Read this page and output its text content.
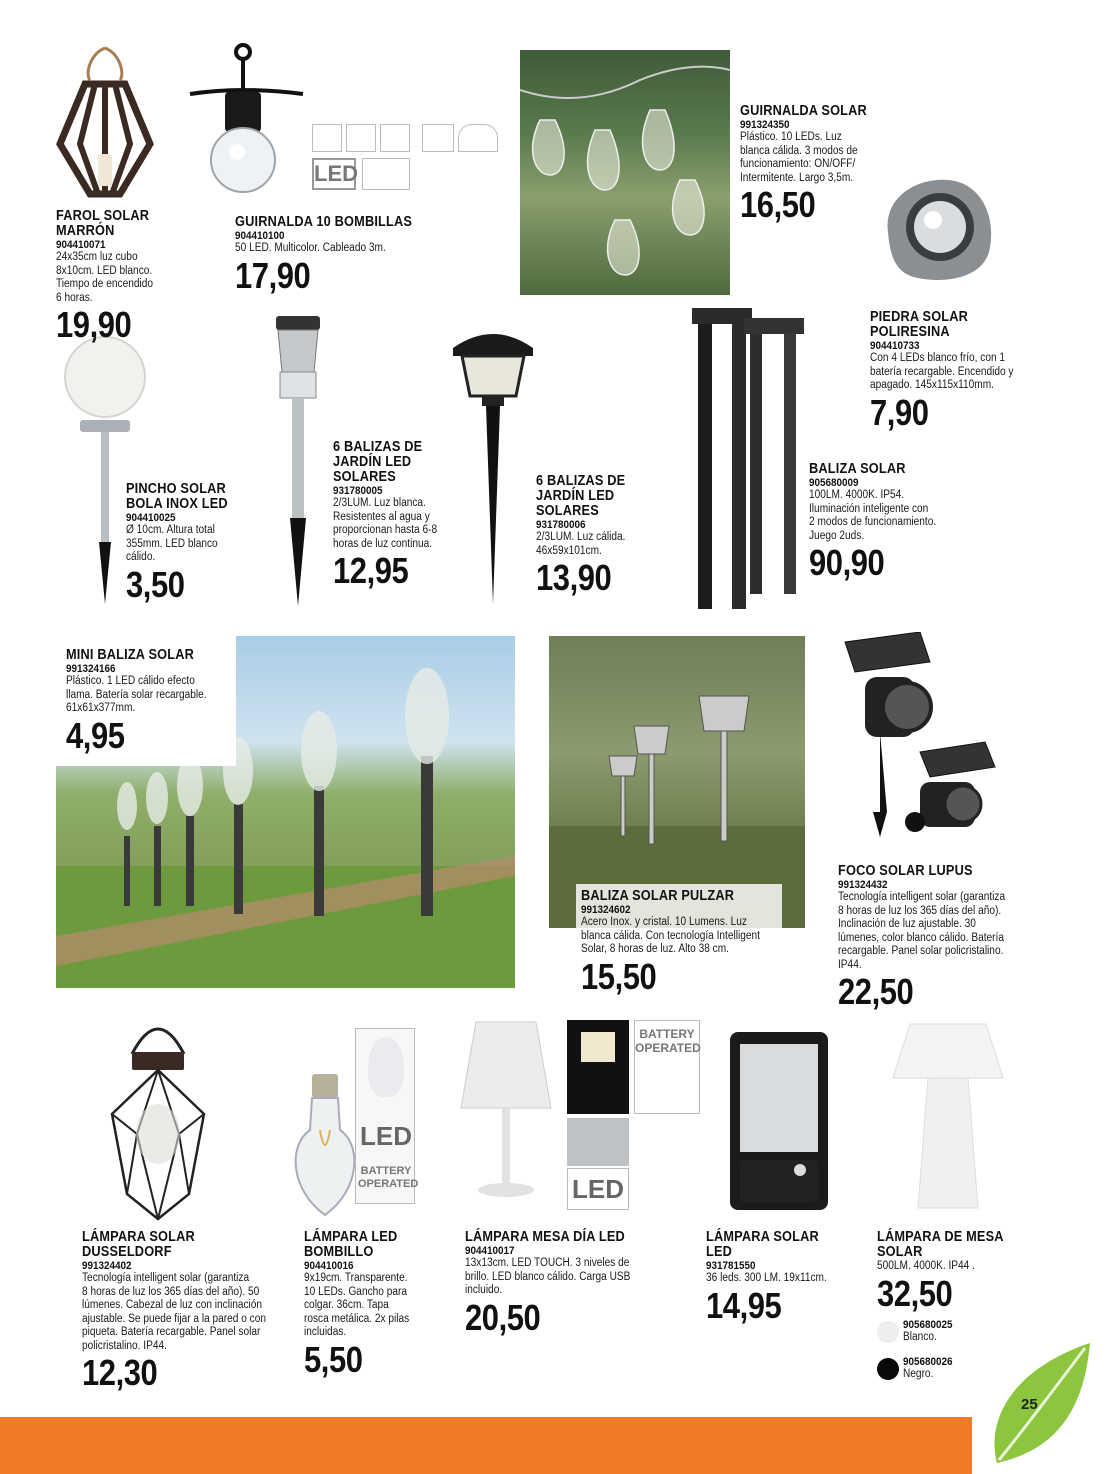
LED
LED
BATTERY
OPERATED
BATTERY
OPERATED
LED
FAROL SOLAR
MARRÓN
904410071
24x35cm luz cubo
8x10cm. LED blanco.
Tiempo de encendido
6 horas.
19,90
GUIRNALDA 10 BOMBILLAS
904410100
50 LED. Multicolor. Cableado 3m.
17,90
GUIRNALDA SOLAR
991324350
Plástico. 10 LEDs. Luz
blanca cálida. 3 modos de
funcionamiento: ON/OFF/
Intermitente. Largo 3,5m.
16,50
PIEDRA SOLAR
POLIRESINA
904410733
Con 4 LEDs blanco frío, con 1
batería recargable. Encendido y
apagado. 145x115x110mm.
7,90
PINCHO SOLAR
BOLA INOX LED
904410025
Ø 10cm. Altura total
355mm. LED blanco
cálido.
3,50
6 BALIZAS DE
JARDÍN LED
SOLARES
931780005
2/3LUM. Luz blanca.
Resistentes al agua y
proporcionan hasta 6-8
horas de luz continua.
12,95
6 BALIZAS DE
JARDÍN LED
SOLARES
931780006
2/3LUM. Luz cálida.
46x59x101cm.
13,90
BALIZA SOLAR
905680009
100LM. 4000K. IP54.
Iluminación inteligente con
2 modos de funcionamiento.
Juego 2uds.
90,90
MINI BALIZA SOLAR
991324166
Plástico. 1 LED cálido efecto
llama. Batería solar recargable.
61x61x377mm.
4,95
BALIZA SOLAR PULZAR
991324602
Acero Inox. y cristal. 10 Lumens. Luz
blanca cálida. Con tecnología Intelligent
Solar, 8 horas de luz. Alto 38 cm.
15,50
FOCO SOLAR LUPUS
991324432
Tecnología intelligent solar (garantiza
8 horas de luz los 365 días del año).
Inclinación de luz ajustable. 30
lúmenes, color blanco cálido. Batería
recargable. Panel solar policristalino.
IP44.
22,50
LÁMPARA SOLAR
DUSSELDORF
991324402
Tecnología intelligent solar (garantiza
8 horas de luz los 365 días del año). 50
lúmenes. Cabezal de luz con inclinación
ajustable. Se puede fijar a la pared o con
piqueta. Batería recargable. Panel solar
policristalino. IP44.
12,30
LÁMPARA LED
BOMBILLO
904410016
9x19cm. Transparente.
10 LEDs. Gancho para
colgar. 36cm. Tapa
rosca metálica. 2x pilas
incluidas.
5,50
LÁMPARA MESA DÍA LED
904410017
13x13cm. LED TOUCH. 3 niveles de
brillo. LED blanco cálido. Carga USB
incluido.
20,50
LÁMPARA SOLAR LED
931781550
36 leds. 300 LM. 19x11cm.
14,95
LÁMPARA DE MESA
SOLAR
500LM. 4000K. IP44 .
32,50
905680025
Blanco.
905680026
Negro.
25
